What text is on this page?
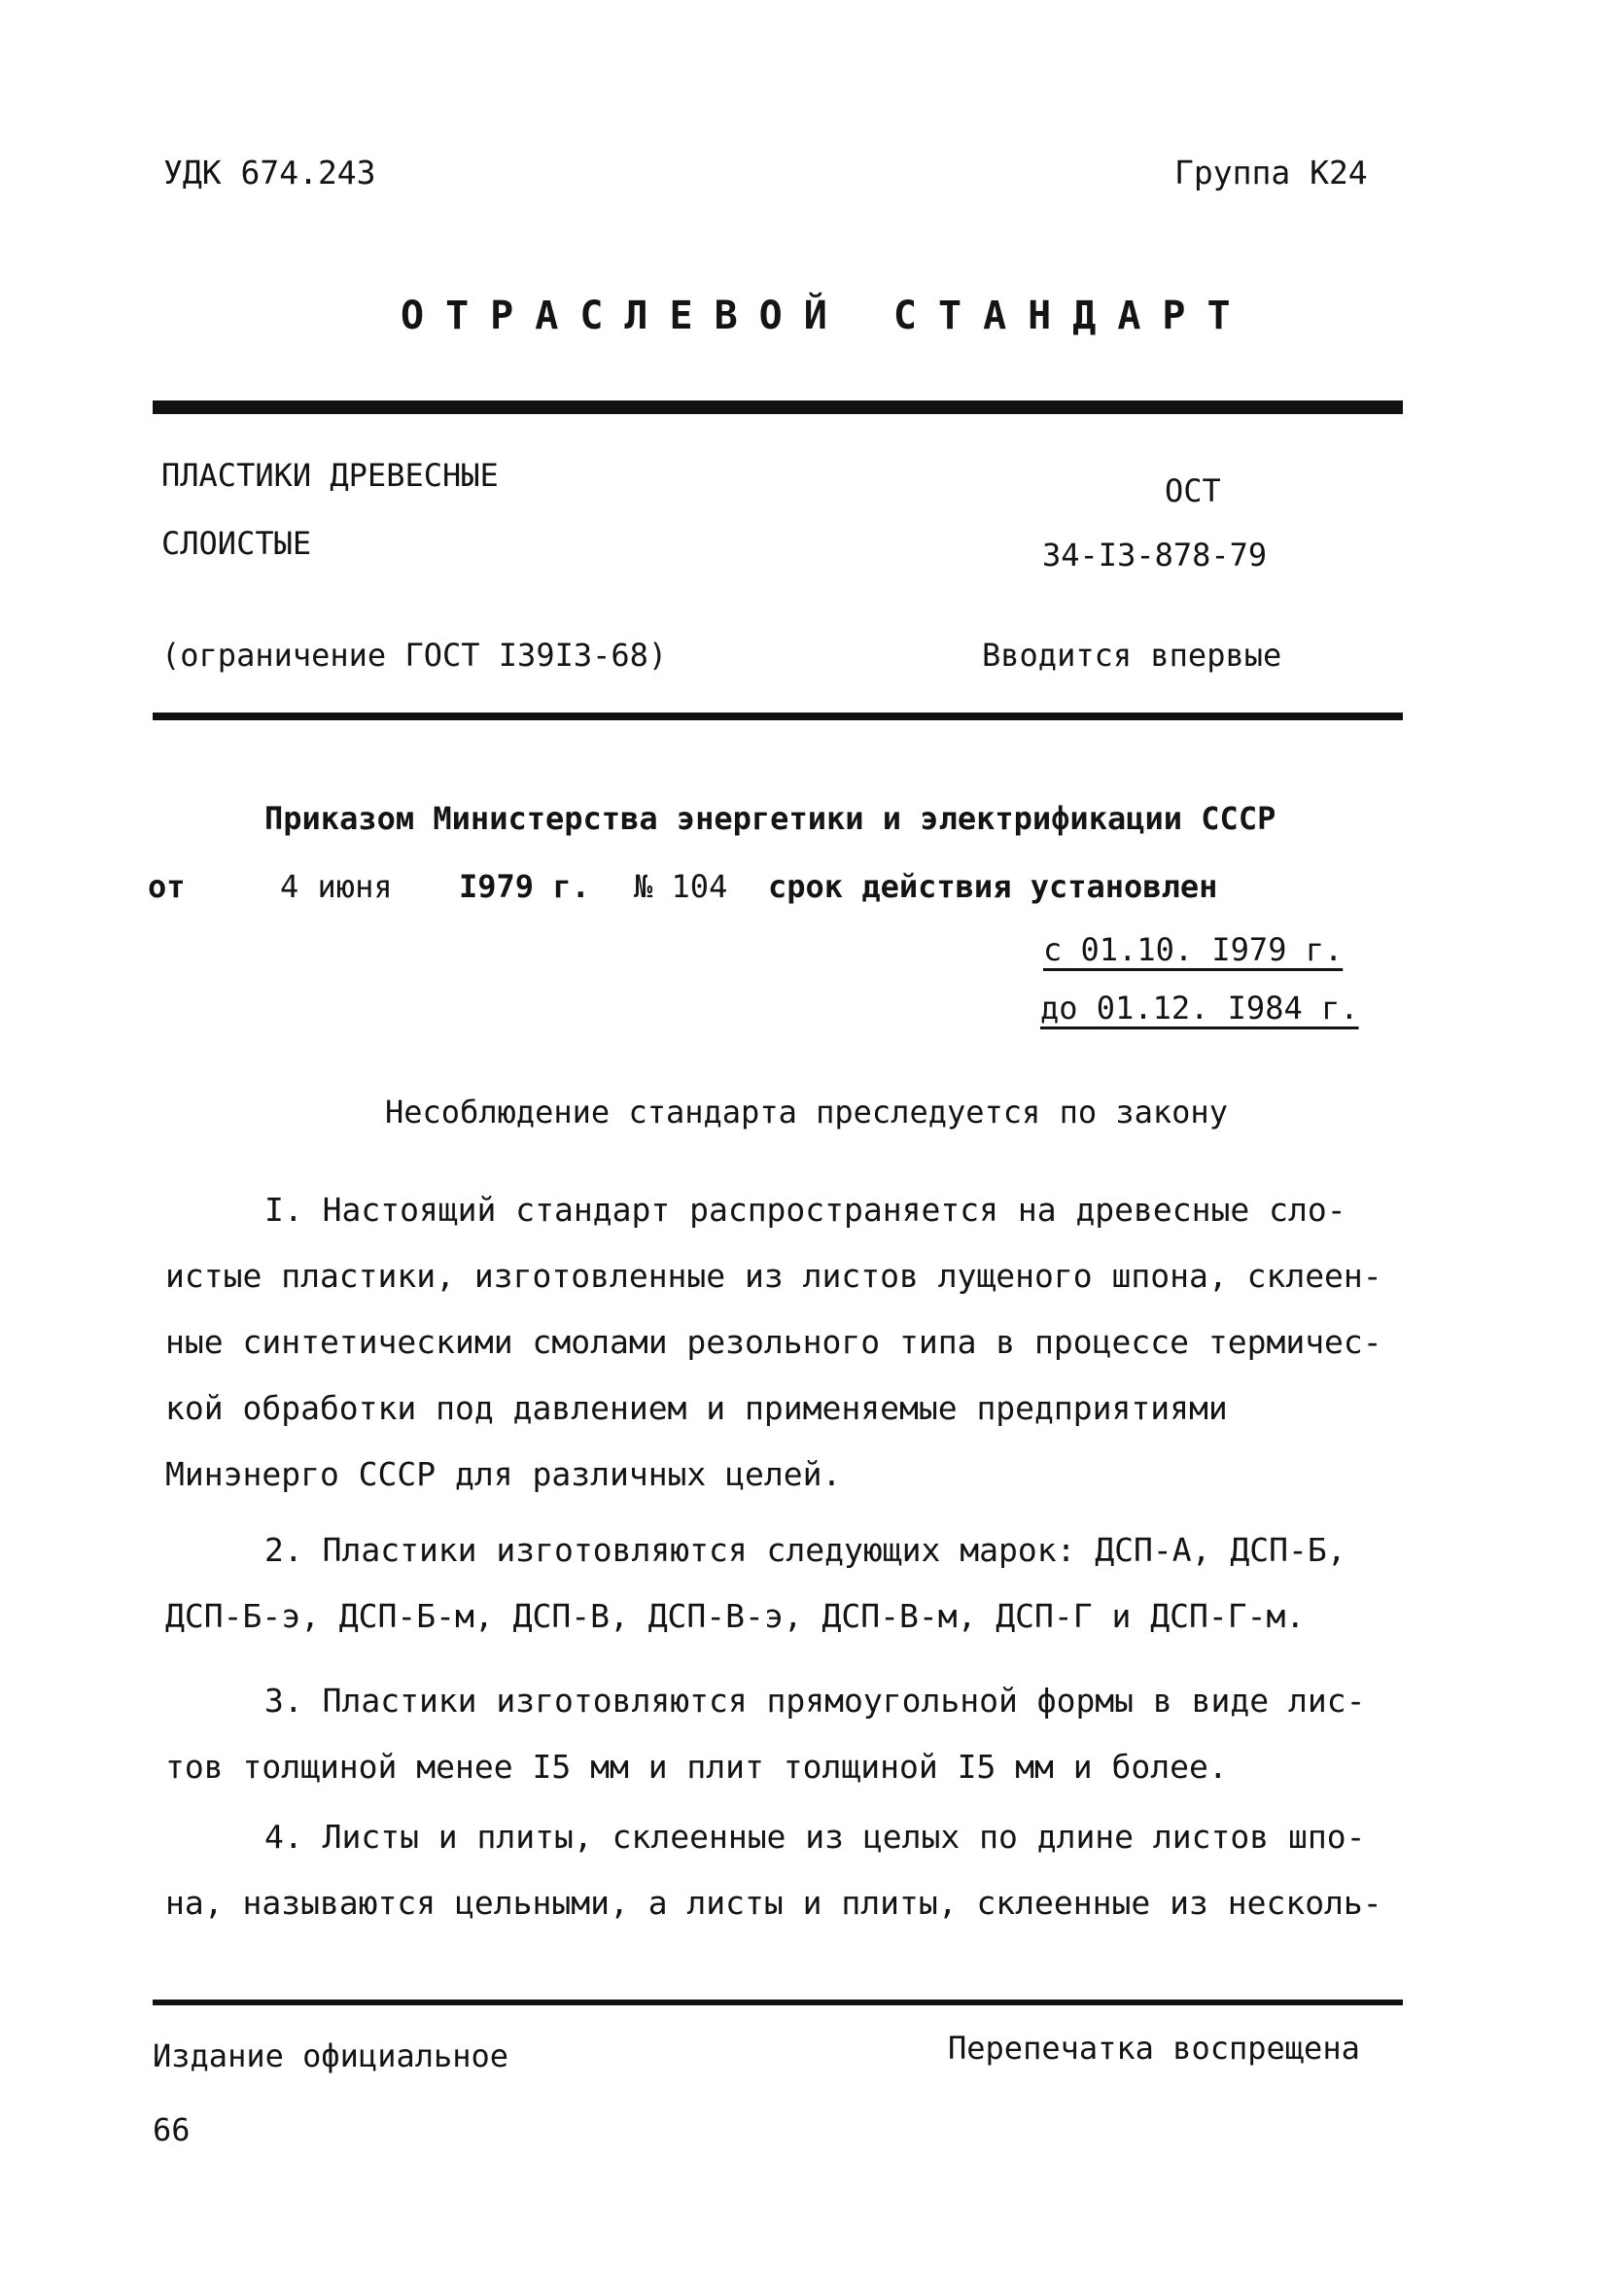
УДК 674.243	Группа К24
ОТРАСЛЕВОЙ СТАНДАРТ
ПЛАСТИКИ ДРЕВЕСНЫЕ
СЛОИСТЫЕ
ОСТ
34-I3-878-79
(ограничение ГОСТ I39I3-68)	Вводится впервые
Приказом Министерства энергетики и электрификации СССР
от	4 июня I979 г. № 104 срок действия установлен
с 01.10. I979 г.
до 01.12. I984 г.
Несоблюдение стандарта преследуется по закону
I. Настоящий стандарт распространяется на древесные сло-
истые пластики, изготовленные из листов лущеного шпона, склеен-
ные синтетическими смолами резольного типа в процессе термичес-
кой обработки под давлением и применяемые предприятиями
Минэнерго СССР для различных целей.
2. Пластики изготовляются следующих марок: ДСП-А, ДСП-Б,
ДСП-Б-э, ДСП-Б-м, ДСП-В, ДСП-В-э, ДСП-В-м, ДСП-Г и ДСП-Г-м.
3. Пластики изготовляются прямоугольной формы в виде лис-
тов толщиной менее I5 мм и плит толщиной I5 мм и более.
4. Листы и плиты, склеенные из целых по длине листов шпо-
на, называются цельными, а листы и плиты, склеенные из несколь-
Издание официальное	Перепечатка воспрещена
66
